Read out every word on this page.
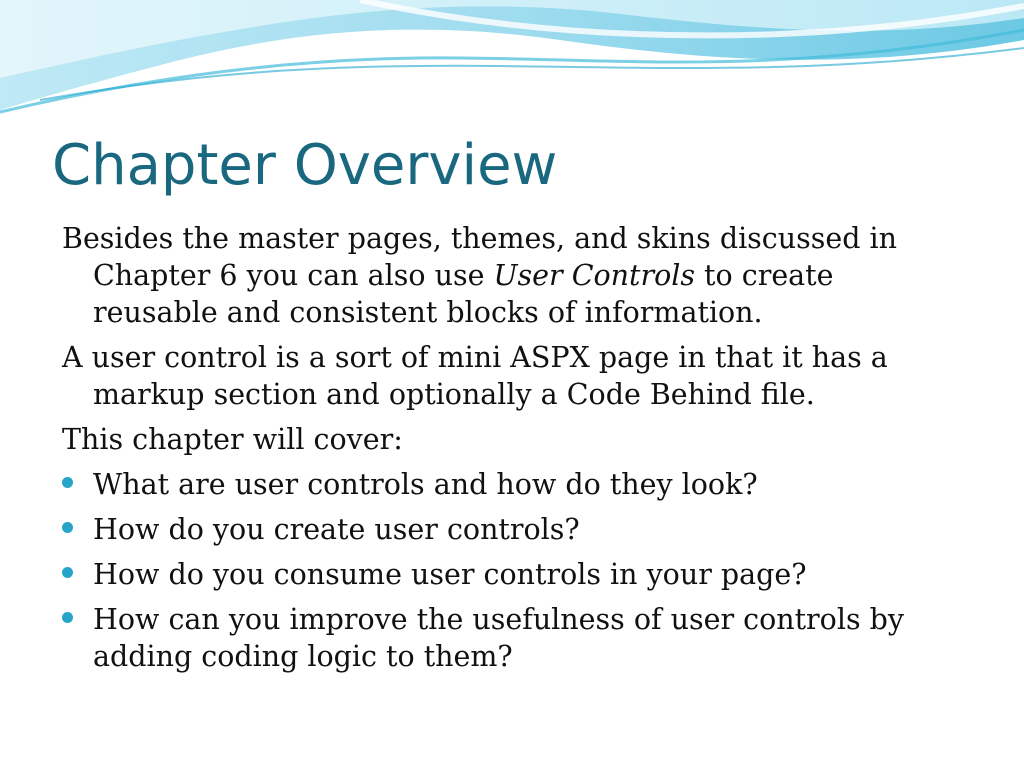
Chapter Overview

Besides the master pages, themes, and skins discussed in Chapter 6 you can also use User Controls to create reusable and consistent blocks of information.

A user control is a sort of mini ASPX page in that it has a markup section and optionally a Code Behind file.

This chapter will cover:

What are user controls and how do they look?
How do you create user controls?
How do you consume user controls in your page?
How can you improve the usefulness of user controls by adding coding logic to them?
